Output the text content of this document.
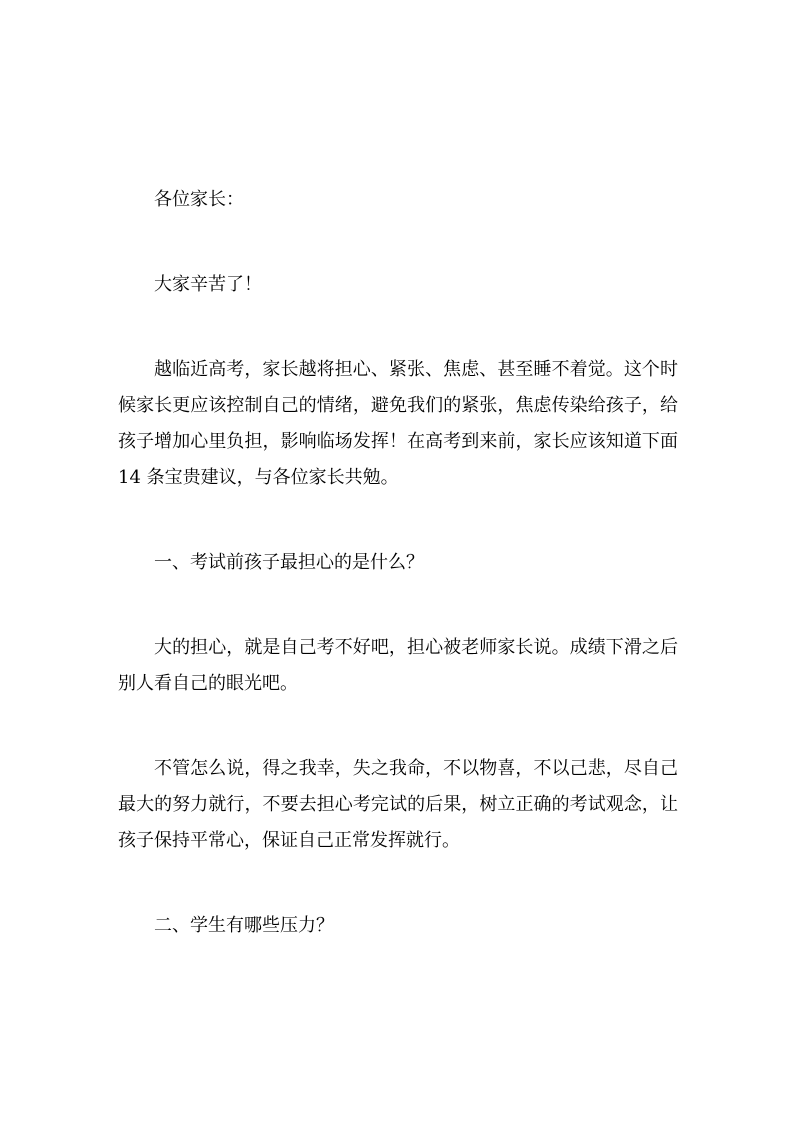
各位家长：

大家辛苦了！

越临近高考，家长越将担心、紧张、焦虑、甚至睡不着觉。这个时候家长更应该控制自己的情绪，避免我们的紧张，焦虑传染给孩子，给孩子增加心里负担，影响临场发挥！在高考到来前，家长应该知道下面 14 条宝贵建议，与各位家长共勉。

一、考试前孩子最担心的是什么？

大的担心，就是自己考不好吧，担心被老师家长说。成绩下滑之后别人看自己的眼光吧。

不管怎么说，得之我幸，失之我命，不以物喜，不以己悲，尽自己最大的努力就行，不要去担心考完试的后果，树立正确的考试观念，让孩子保持平常心，保证自己正常发挥就行。

二、学生有哪些压力？
